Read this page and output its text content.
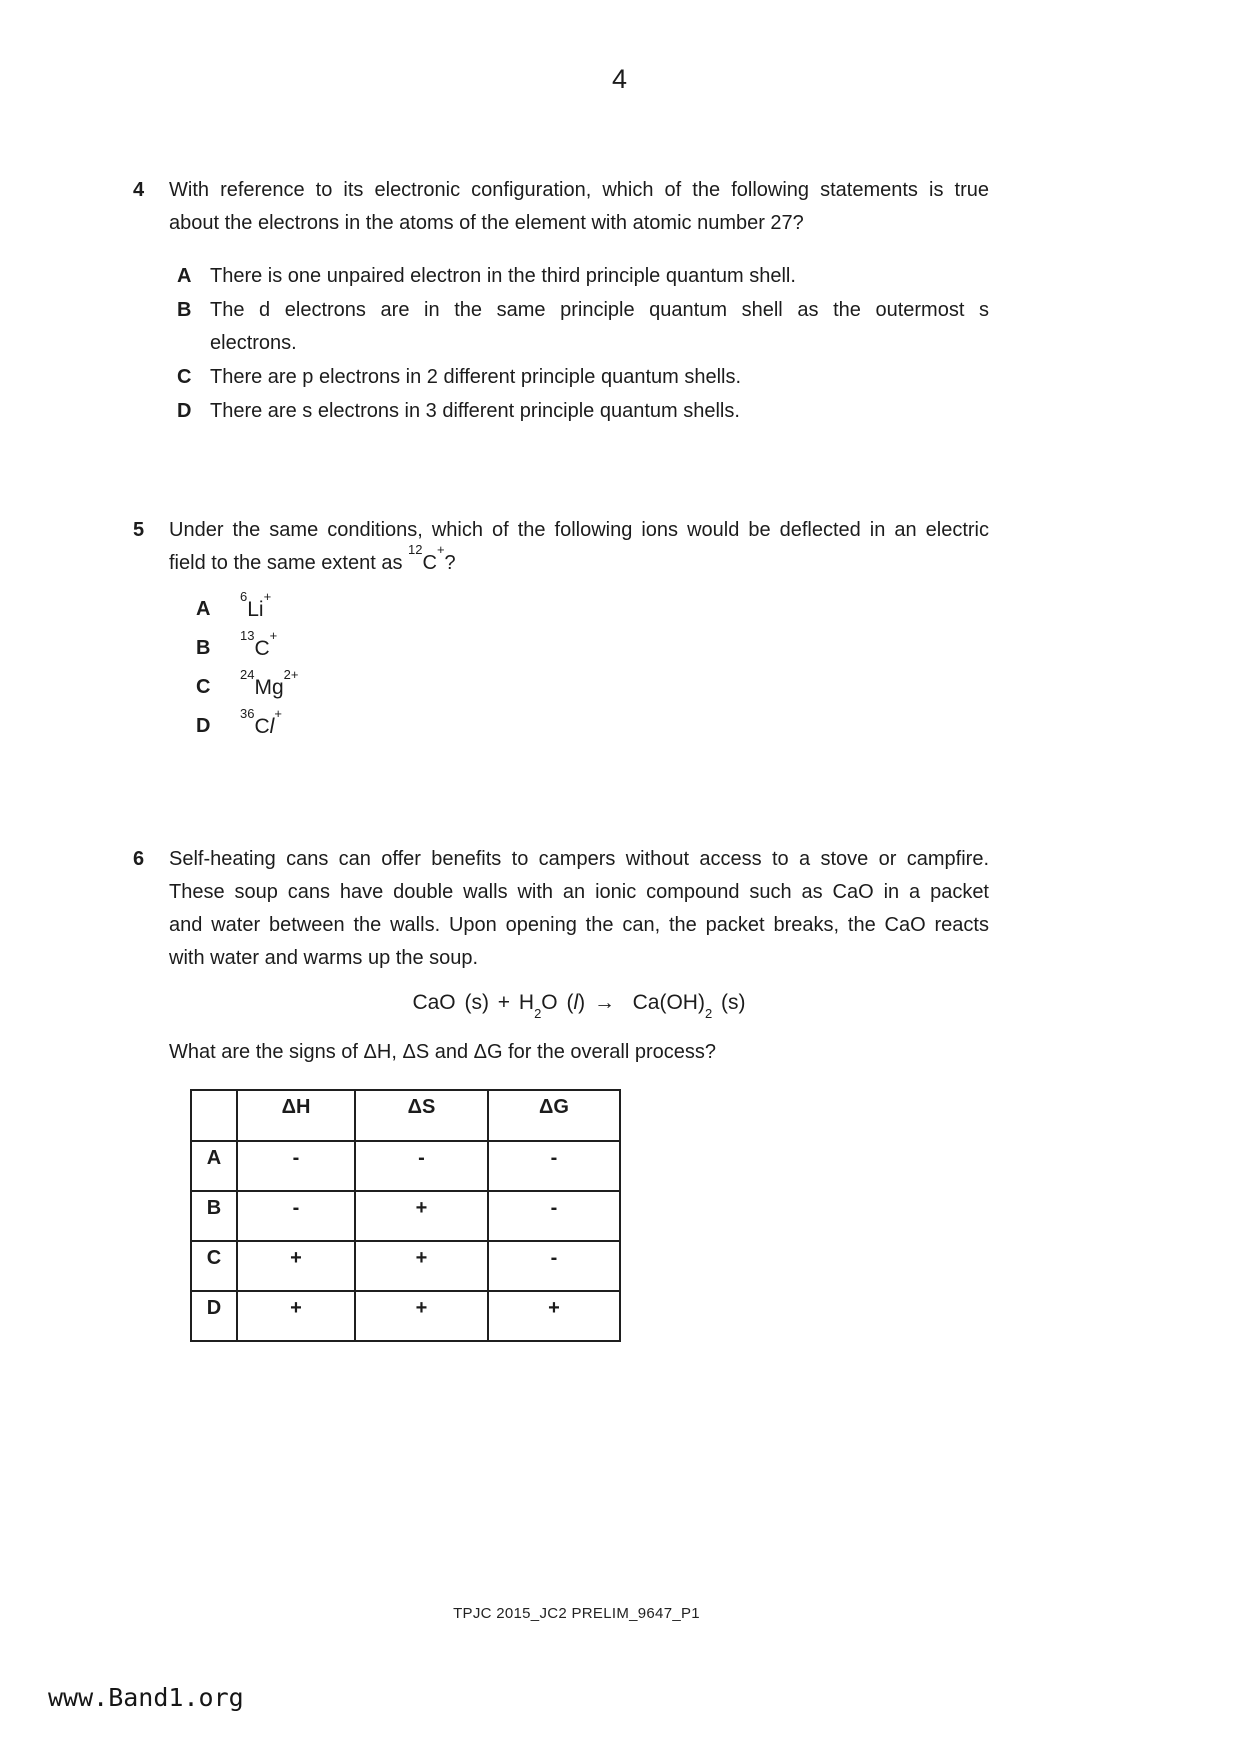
4
4	With reference to its electronic configuration, which of the following statements is true
about the electrons in the atoms of the element with atomic number 27?
A There is one unpaired electron in the third principle quantum shell.
B The d electrons are in the same principle quantum shell as the outermost s
electrons.
C There are p electrons in 2 different principle quantum shells.
D There are s electrons in 3 different principle quantum shells.
5	Under the same conditions, which of the following ions would be deflected in an electric
field to the same extent as $^{12}$C+?
A
$^6$Li+
B
$^{13}$C+
C
$^{24}Mg^{2+}$
D
$^{36}$Cl+
6	Self-heating cans can offer benefits to campers without access to a stove or campfire.
These soup cans have double walls with an ionic compound such as CaO in a packet
and water between the walls. Upon opening the can, the packet breaks, the CaO reacts
with water and warms up the soup.
CaO $(s) + H_2O$ $(l) \to Ca(OH)_2$ (s)
What are the signs of ΔH, ΔS and ΔG for the overall process?
	ΔH	ΔS	ΔG
A	-	-	-
B	-	+	-
C	+	+	-
D	+	+	+
TPJC 2015_JC2 PRELIM_9647_P1
www.Band1.org
